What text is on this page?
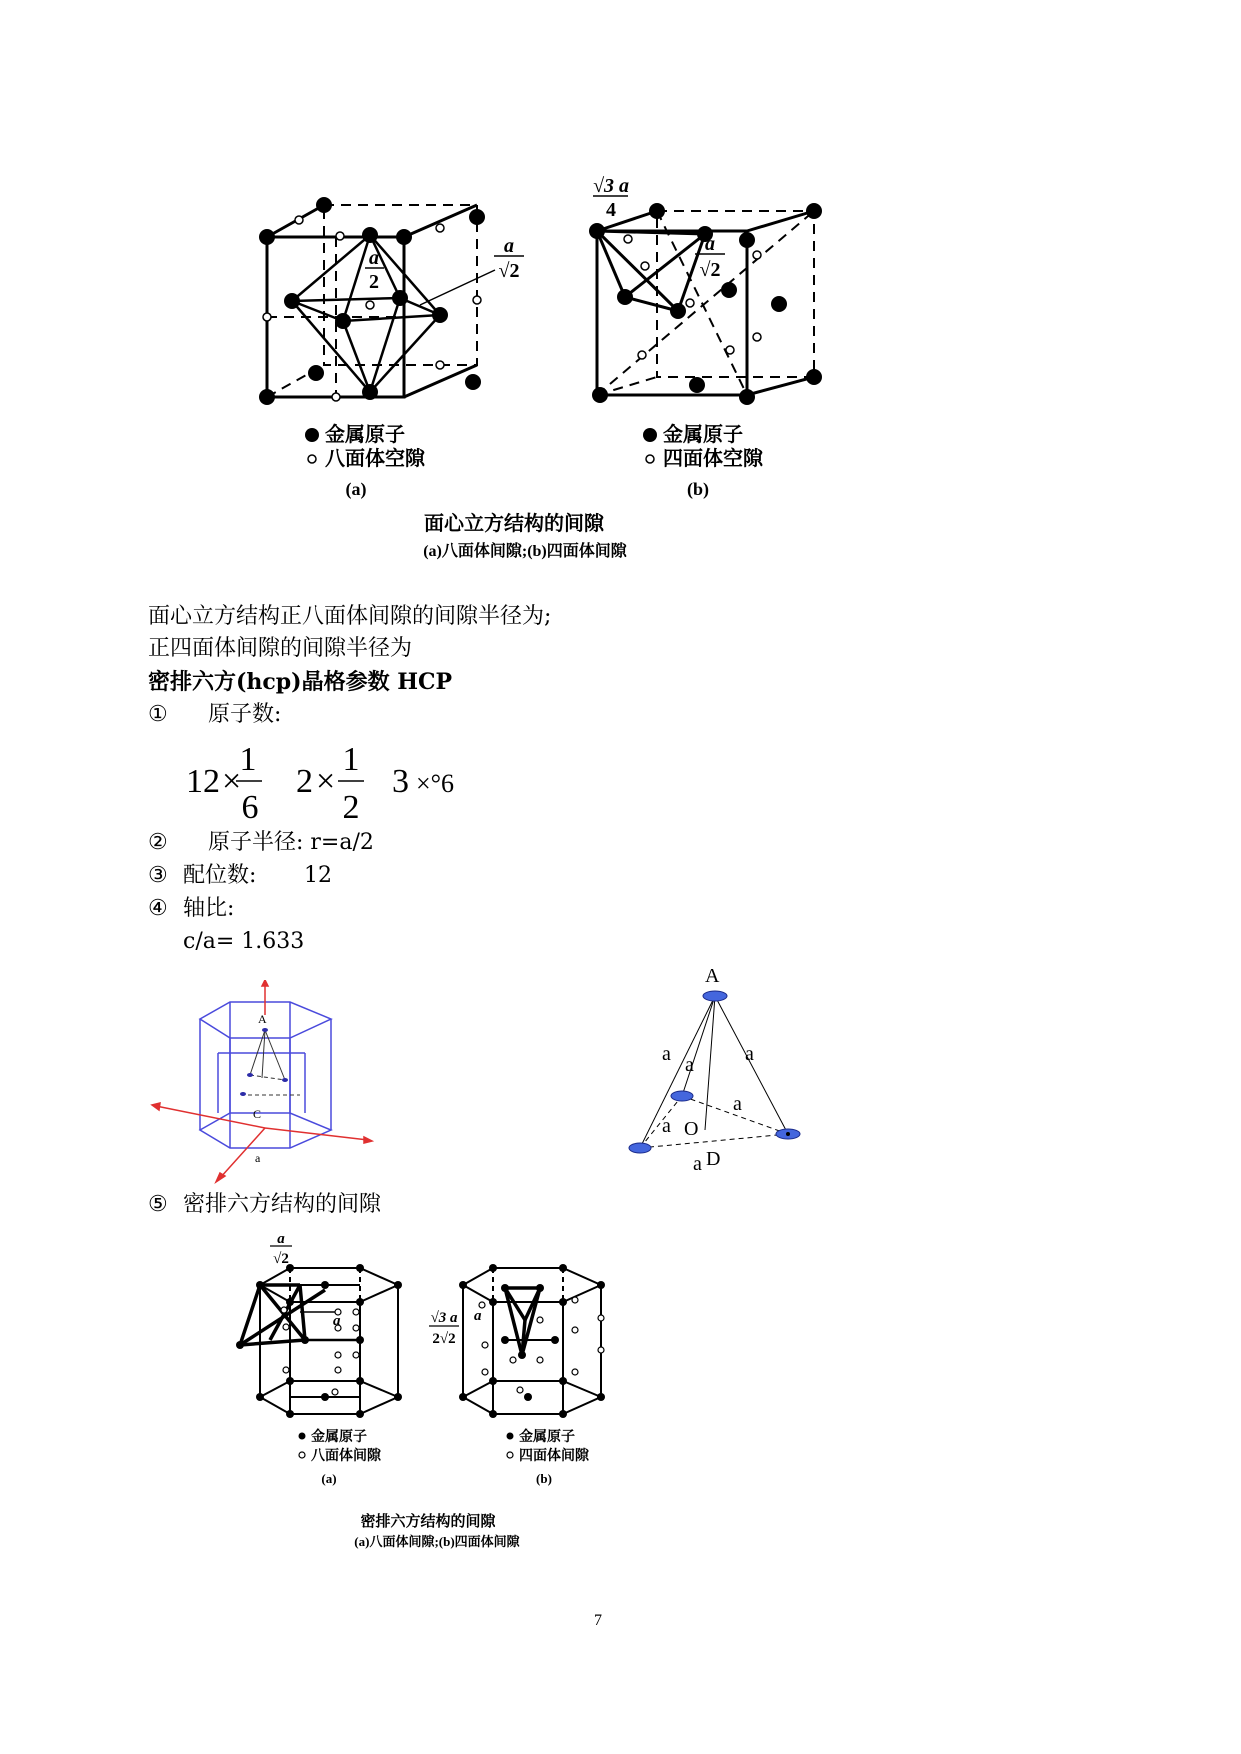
a
2
a
√2
√3 a
4
a
√2
金属原子
八面体空隙
(a)
金属原子
四面体空隙
(b)
面心立方结构的间隙
(a)八面体间隙;(b)四面体间隙
面心立方结构正八面体间隙的间隙半径为;
正四面体间隙的间隙半径为
密排六方(hcp)晶格参数 HCP
① 原子数:
12 ×
1
6
2 ×
1
2
3 ×°6
② 原子半径: r=a/2
③ 配位数: 12
④ 轴比:
c/a= 1.633
A
C
a
A
a a	a
a
a O
a D
⑤ 密排六方结构的间隙
a
√2
a	√3 a
2√2
a
金属原子
八面体间隙
(a)
金属原子
四面体间隙
(b)
密排六方结构的间隙
(a)八面体间隙;(b)四面体间隙
7
